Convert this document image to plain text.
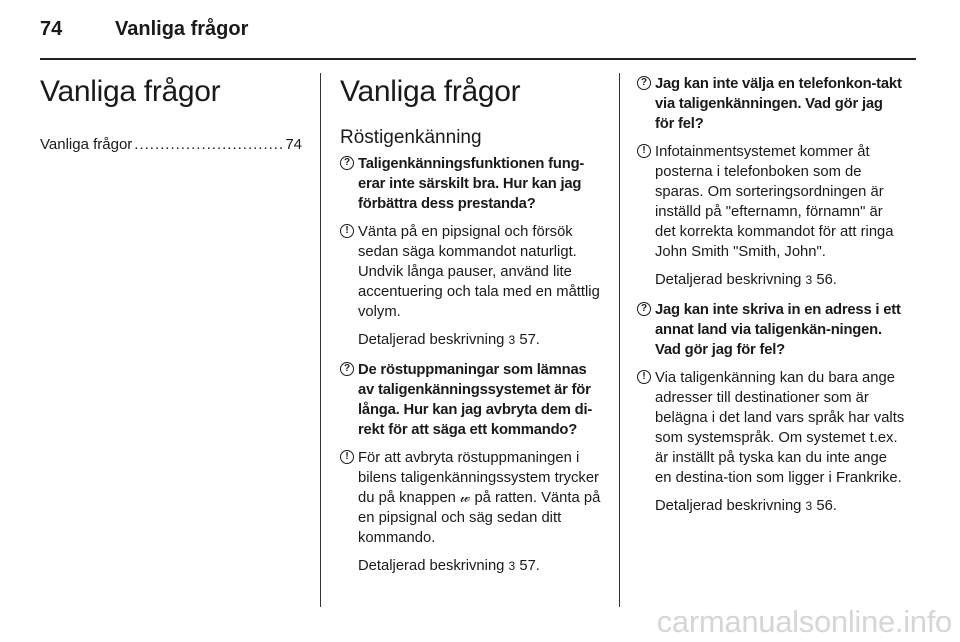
74	Vanliga frågor
Vanliga frågor
Vanliga frågor .....	74
Vanliga frågor
Röstigenkänning
? Taligenkänningsfunktionen fung-erar inte särskilt bra. Hur kan jag förbättra dess prestanda?
! Vänta på en pipsignal och försök sedan säga kommandot naturligt. Undvik långa pauser, använd lite accentuering och tala med en måttlig volym.
Detaljerad beskrivning 3 57.
? De röstuppmaningar som lämnas av taligenkänningssystemet är för långa. Hur kan jag avbryta dem di-rekt för att säga ett kommando?
! För att avbryta röstuppmaningen i bilens taligenkänningssystem trycker du på knappen 𝓌 på ratten. Vänta på en pipsignal och säg sedan ditt kommando.
Detaljerad beskrivning 3 57.
? Jag kan inte välja en telefonkon-takt via taligenkänningen. Vad gör jag för fel?
! Infotainmentsystemet kommer åt posterna i telefonboken som de sparas. Om sorteringsordningen är inställd på "efternamn, förnamn" är det korrekta kommandot för att ringa John Smith "Smith, John".
Detaljerad beskrivning 3 56.
? Jag kan inte skriva in en adress i ett annat land via taligenkän-ningen. Vad gör jag för fel?
! Via taligenkänning kan du bara ange adresser till destinationer som är belägna i det land vars språk har valts som systemspråk. Om systemet t.ex. är inställt på tyska kan du inte ange en destina-tion som ligger i Frankrike.
Detaljerad beskrivning 3 56.
carmanualsonline.info
